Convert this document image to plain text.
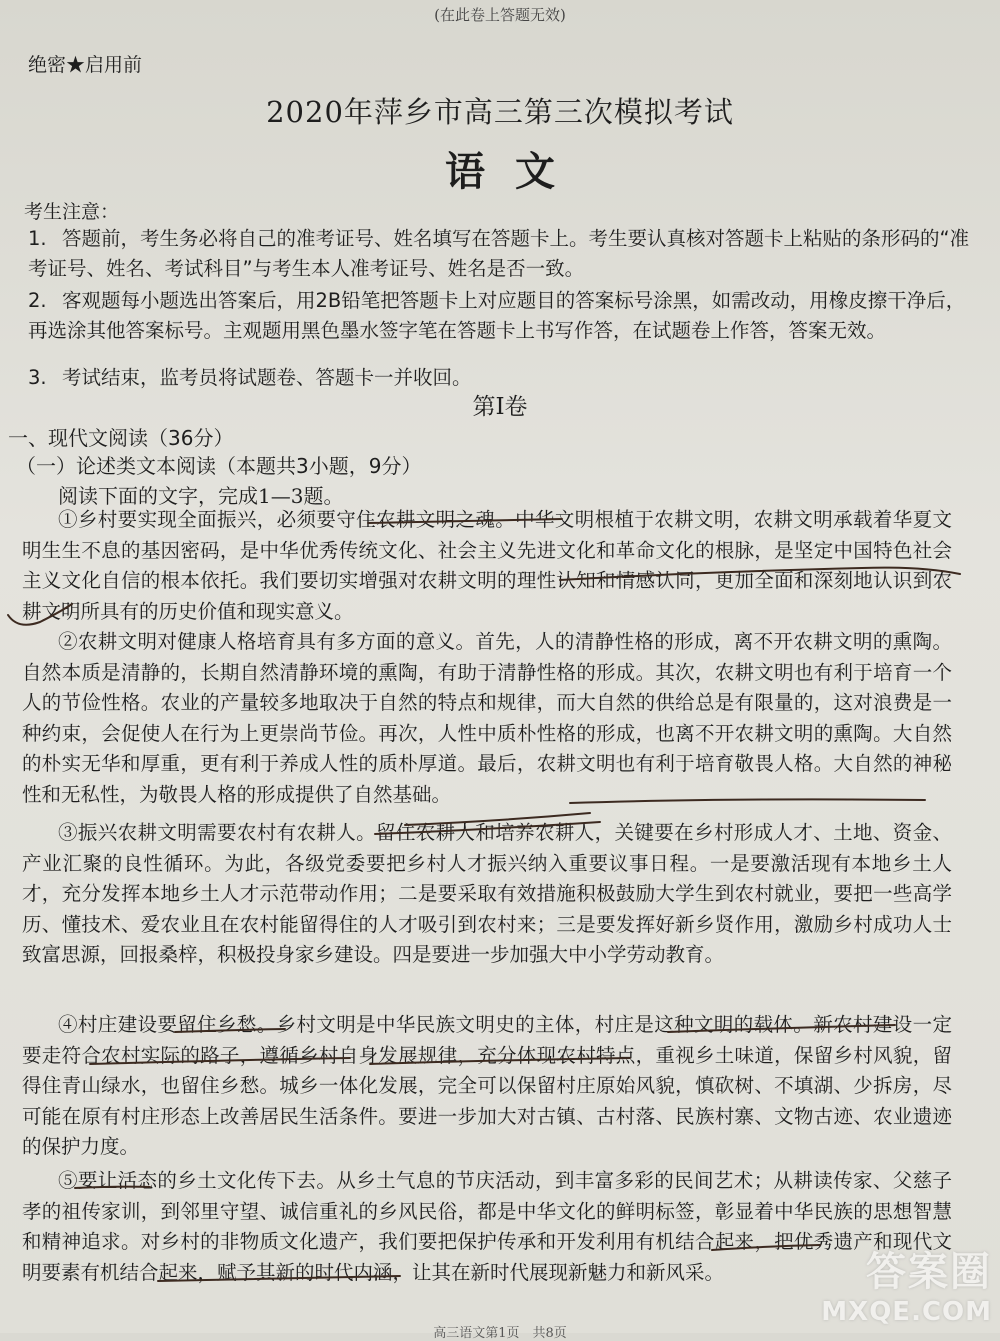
(在此卷上答题无效)
绝密★启用前
2020年萍乡市高三第三次模拟考试
语文
考生注意：
1. 答题前，考生务必将自己的准考证号、姓名填写在答题卡上。考生要认真核对答题卡上粘贴的条形码的“准考证号、姓名、考试科目”与考生本人准考证号、姓名是否一致。
2. 客观题每小题选出答案后，用2B铅笔把答题卡上对应题目的答案标号涂黑，如需改动，用橡皮擦干净后，再选涂其他答案标号。主观题用黑色墨水签字笔在答题卡上书写作答，在试题卷上作答，答案无效。
3. 考试结束，监考员将试题卷、答题卡一并收回。
第Ⅰ卷
一、现代文阅读（36分）
（一）论述类文本阅读（本题共3小题，9分）
阅读下面的文字，完成1—3题。
①乡村要实现全面振兴，必须要守住农耕文明之魂。中华文明根植于农耕文明，农耕文明承载着华夏文明生生不息的基因密码，是中华优秀传统文化、社会主义先进文化和革命文化的根脉，是坚定中国特色社会主义文化自信的根本依托。我们要切实增强对农耕文明的理性认知和情感认同，更加全面和深刻地认识到农耕文明所具有的历史价值和现实意义。
②农耕文明对健康人格培育具有多方面的意义。首先，人的清静性格的形成，离不开农耕文明的熏陶。自然本质是清静的，长期自然清静环境的熏陶，有助于清静性格的形成。其次，农耕文明也有利于培育一个人的节俭性格。农业的产量较多地取决于自然的特点和规律，而大自然的供给总是有限量的，这对浪费是一种约束，会促使人在行为上更崇尚节俭。再次，人性中质朴性格的形成，也离不开农耕文明的熏陶。大自然的朴实无华和厚重，更有利于养成人性的质朴厚道。最后，农耕文明也有利于培育敬畏人格。大自然的神秘性和无私性，为敬畏人格的形成提供了自然基础。
③振兴农耕文明需要农村有农耕人。留住农耕人和培养农耕人，关键要在乡村形成人才、土地、资金、产业汇聚的良性循环。为此，各级党委要把乡村人才振兴纳入重要议事日程。一是要激活现有本地乡土人才，充分发挥本地乡土人才示范带动作用；二是要采取有效措施积极鼓励大学生到农村就业，要把一些高学历、懂技术、爱农业且在农村能留得住的人才吸引到农村来；三是要发挥好新乡贤作用，激励乡村成功人士致富思源，回报桑梓，积极投身家乡建设。四是要进一步加强大中小学劳动教育。
④村庄建设要留住乡愁。乡村文明是中华民族文明史的主体，村庄是这种文明的载体。新农村建设一定要走符合农村实际的路子，遵循乡村自身发展规律，充分体现农村特点，重视乡土味道，保留乡村风貌，留得住青山绿水，也留住乡愁。城乡一体化发展，完全可以保留村庄原始风貌，慎砍树、不填湖、少拆房，尽可能在原有村庄形态上改善居民生活条件。要进一步加大对古镇、古村落、民族村寨、文物古迹、农业遗迹的保护力度。
⑤要让活态的乡土文化传下去。从乡土气息的节庆活动，到丰富多彩的民间艺术；从耕读传家、父慈子孝的祖传家训，到邻里守望、诚信重礼的乡风民俗，都是中华文化的鲜明标签，彰显着中华民族的思想智慧和精神追求。对乡村的非物质文化遗产，我们要把保护传承和开发利用有机结合起来，把优秀遗产和现代文明要素有机结合起来，赋予其新的时代内涵，让其在新时代展现新魅力和新风采。
高三语文第1页　共8页
答案圈
MXQE.COM
